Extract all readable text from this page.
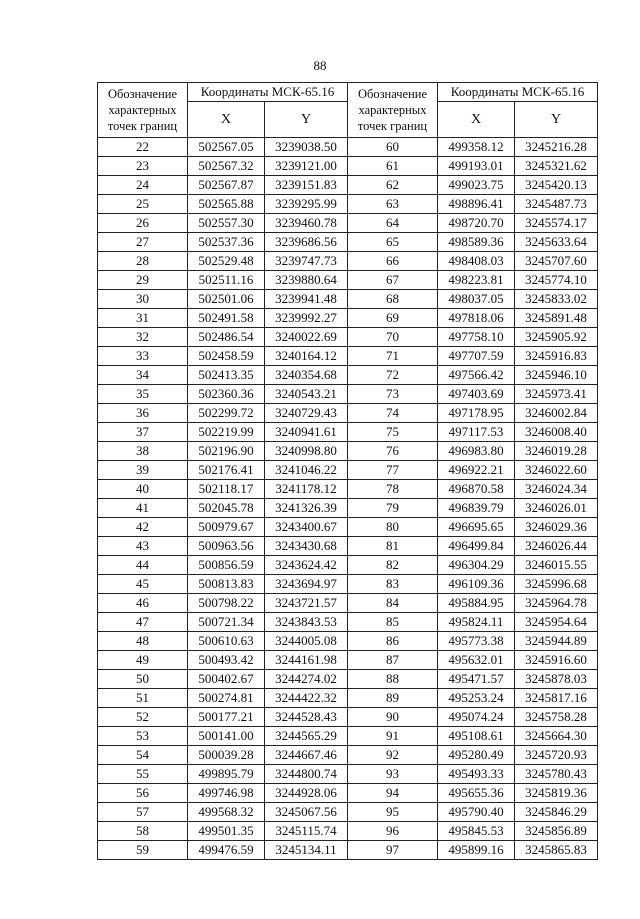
88
Обозначение
характерных
точек границ	Координаты МСК-65.16		Обозначение
характерных
точек границ	Координаты МСК-65.16	
	X	Y		X	Y
22	502567.05	3239038.50	60	499358.12	3245216.28
23	502567.32	3239121.00	61	499193.01	3245321.62
24	502567.87	3239151.83	62	499023.75	3245420.13
25	502565.88	3239295.99	63	498896.41	3245487.73
26	502557.30	3239460.78	64	498720.70	3245574.17
27	502537.36	3239686.56	65	498589.36	3245633.64
28	502529.48	3239747.73	66	498408.03	3245707.60
29	502511.16	3239880.64	67	498223.81	3245774.10
30	502501.06	3239941.48	68	498037.05	3245833.02
31	502491.58	3239992.27	69	497818.06	3245891.48
32	502486.54	3240022.69	70	497758.10	3245905.92
33	502458.59	3240164.12	71	497707.59	3245916.83
34	502413.35	3240354.68	72	497566.42	3245946.10
35	502360.36	3240543.21	73	497403.69	3245973.41
36	502299.72	3240729.43	74	497178.95	3246002.84
37	502219.99	3240941.61	75	497117.53	3246008.40
38	502196.90	3240998.80	76	496983.80	3246019.28
39	502176.41	3241046.22	77	496922.21	3246022.60
40	502118.17	3241178.12	78	496870.58	3246024.34
41	502045.78	3241326.39	79	496839.79	3246026.01
42	500979.67	3243400.67	80	496695.65	3246029.36
43	500963.56	3243430.68	81	496499.84	3246026.44
44	500856.59	3243624.42	82	496304.29	3246015.55
45	500813.83	3243694.97	83	496109.36	3245996.68
46	500798.22	3243721.57	84	495884.95	3245964.78
47	500721.34	3243843.53	85	495824.11	3245954.64
48	500610.63	3244005.08	86	495773.38	3245944.89
49	500493.42	3244161.98	87	495632.01	3245916.60
50	500402.67	3244274.02	88	495471.57	3245878.03
51	500274.81	3244422.32	89	495253.24	3245817.16
52	500177.21	3244528.43	90	495074.24	3245758.28
53	500141.00	3244565.29	91	495108.61	3245664.30
54	500039.28	3244667.46	92	495280.49	3245720.93
55	499895.79	3244800.74	93	495493.33	3245780.43
56	499746.98	3244928.06	94	495655.36	3245819.36
57	499568.32	3245067.56	95	495790.40	3245846.29
58	499501.35	3245115.74	96	495845.53	3245856.89
59	499476.59	3245134.11	97	495899.16	3245865.83
